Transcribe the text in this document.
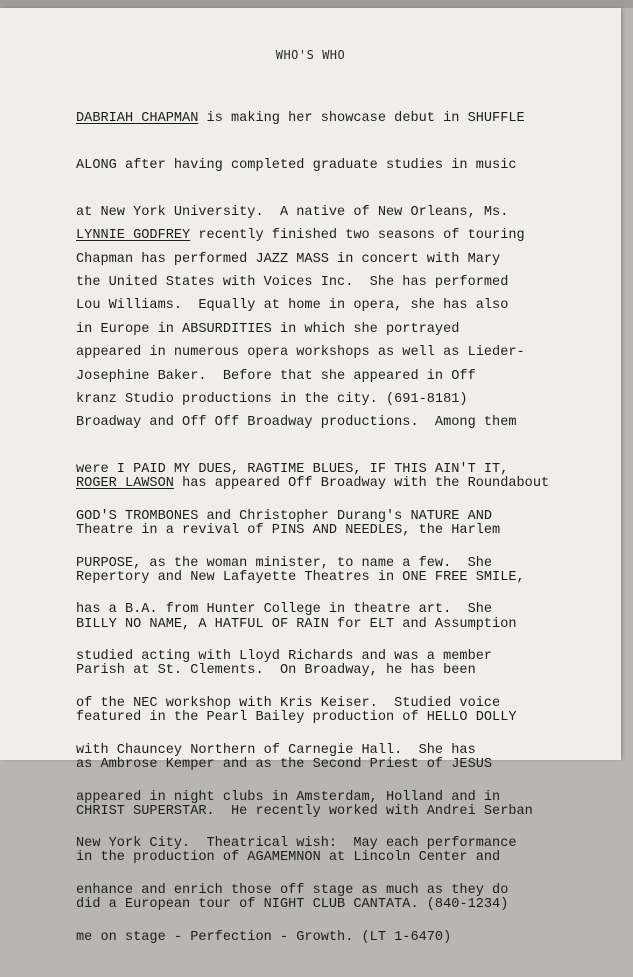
WHO'S WHO

DABRIAH CHAPMAN is making her showcase debut in SHUFFLE

ALONG after having completed graduate studies in music

at New York University.  A native of New Orleans, Ms.

Chapman has performed JAZZ MASS in concert with Mary

Lou Williams.  Equally at home in opera, she has also

appeared in numerous opera workshops as well as Lieder-

kranz Studio productions in the city. (691-8181)

LYNNIE GODFREY recently finished two seasons of touring

the United States with Voices Inc.  She has performed

in Europe in ABSURDITIES in which she portrayed

Josephine Baker.  Before that she appeared in Off

Broadway and Off Off Broadway productions.  Among them

were I PAID MY DUES, RAGTIME BLUES, IF THIS AIN'T IT,

GOD'S TROMBONES and Christopher Durang's NATURE AND

PURPOSE, as the woman minister, to name a few.  She

has a B.A. from Hunter College in theatre art.  She

studied acting with Lloyd Richards and was a member

of the NEC workshop with Kris Keiser.  Studied voice

with Chauncey Northern of Carnegie Hall.  She has

appeared in night clubs in Amsterdam, Holland and in

New York City.  Theatrical wish:  May each performance

enhance and enrich those off stage as much as they do

me on stage - Perfection - Growth. (LT 1-6470)

ROGER LAWSON has appeared Off Broadway with the Roundabout

Theatre in a revival of PINS AND NEEDLES, the Harlem

Repertory and New Lafayette Theatres in ONE FREE SMILE,

BILLY NO NAME, A HATFUL OF RAIN for ELT and Assumption

Parish at St. Clements.  On Broadway, he has been

featured in the Pearl Bailey production of HELLO DOLLY

as Ambrose Kemper and as the Second Priest of JESUS

CHRIST SUPERSTAR.  He recently worked with Andrei Serban

in the production of AGAMEMNON at Lincoln Center and

did a European tour of NIGHT CLUB CANTATA. (840-1234)
